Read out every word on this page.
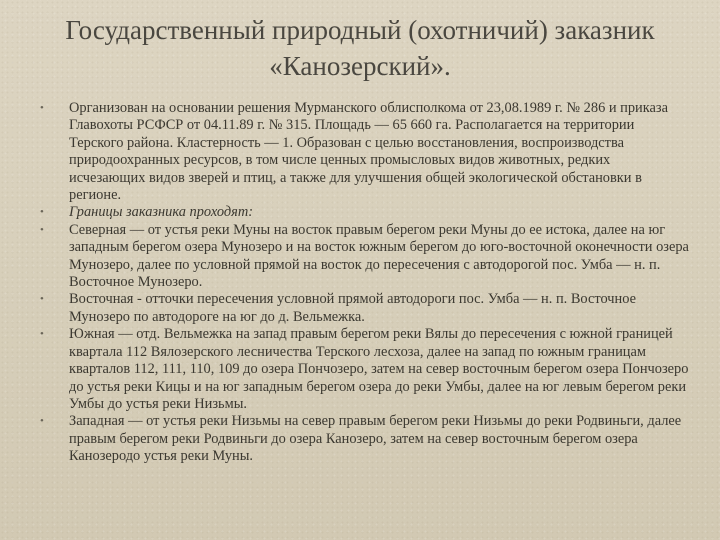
Государственный природный (охотничий) заказник «Канозерский».
• Организован на основании решения Мурманского облисполкома от 23,08.1989 г. № 286 и приказа Главохоты РСФСР от 04.11.89 г. № 315. Площадь — 65 660 га. Располагается на территории Терского района. Кластерность — 1. Образован с целью восстановления, воспроизводства природоохранных ресурсов, в том числе ценных промысловых видов животных, редких исчезающих видов зверей и птиц, а также для улучшения общей экологической обстановки в регионе.
• Границы заказника проходят:
• Северная — от устья реки Муны на восток правым берегом реки Муны до ее истока, далее на юг западным берегом озера Мунозеро и на восток южным берегом до юго-восточной оконечности озера Мунозеро, далее по условной прямой на восток до пересечения с автодорогой пос. Умба — н. п. Восточное Мунозеро.
• Восточная - отточки пересечения условной прямой автодороги пос. Умба — н. п. Восточное Мунозеро по автодороге на юг до д. Вельмежка.
• Южная — отд. Вельмежка на запад правым берегом реки Вялы до пересечения с южной границей квартала 112 Вялозерского лесничества Терского лесхоза, далее на запад по южным границам кварталов 112, 111, 110, 109 до озера Пончозеро, затем на север восточным берегом озера Пончозеро до устья реки Кицы и на юг западным берегом озера до реки Умбы, далее на юг левым берегом реки Умбы до устья реки Низьмы.
• Западная — от устья реки Низьмы на север правым берегом реки Низьмы до реки Родвиньги, далее правым берегом реки Родвиньги до озера Канозеро, затем на север восточным берегом озера Канозеродо устья реки Муны.
